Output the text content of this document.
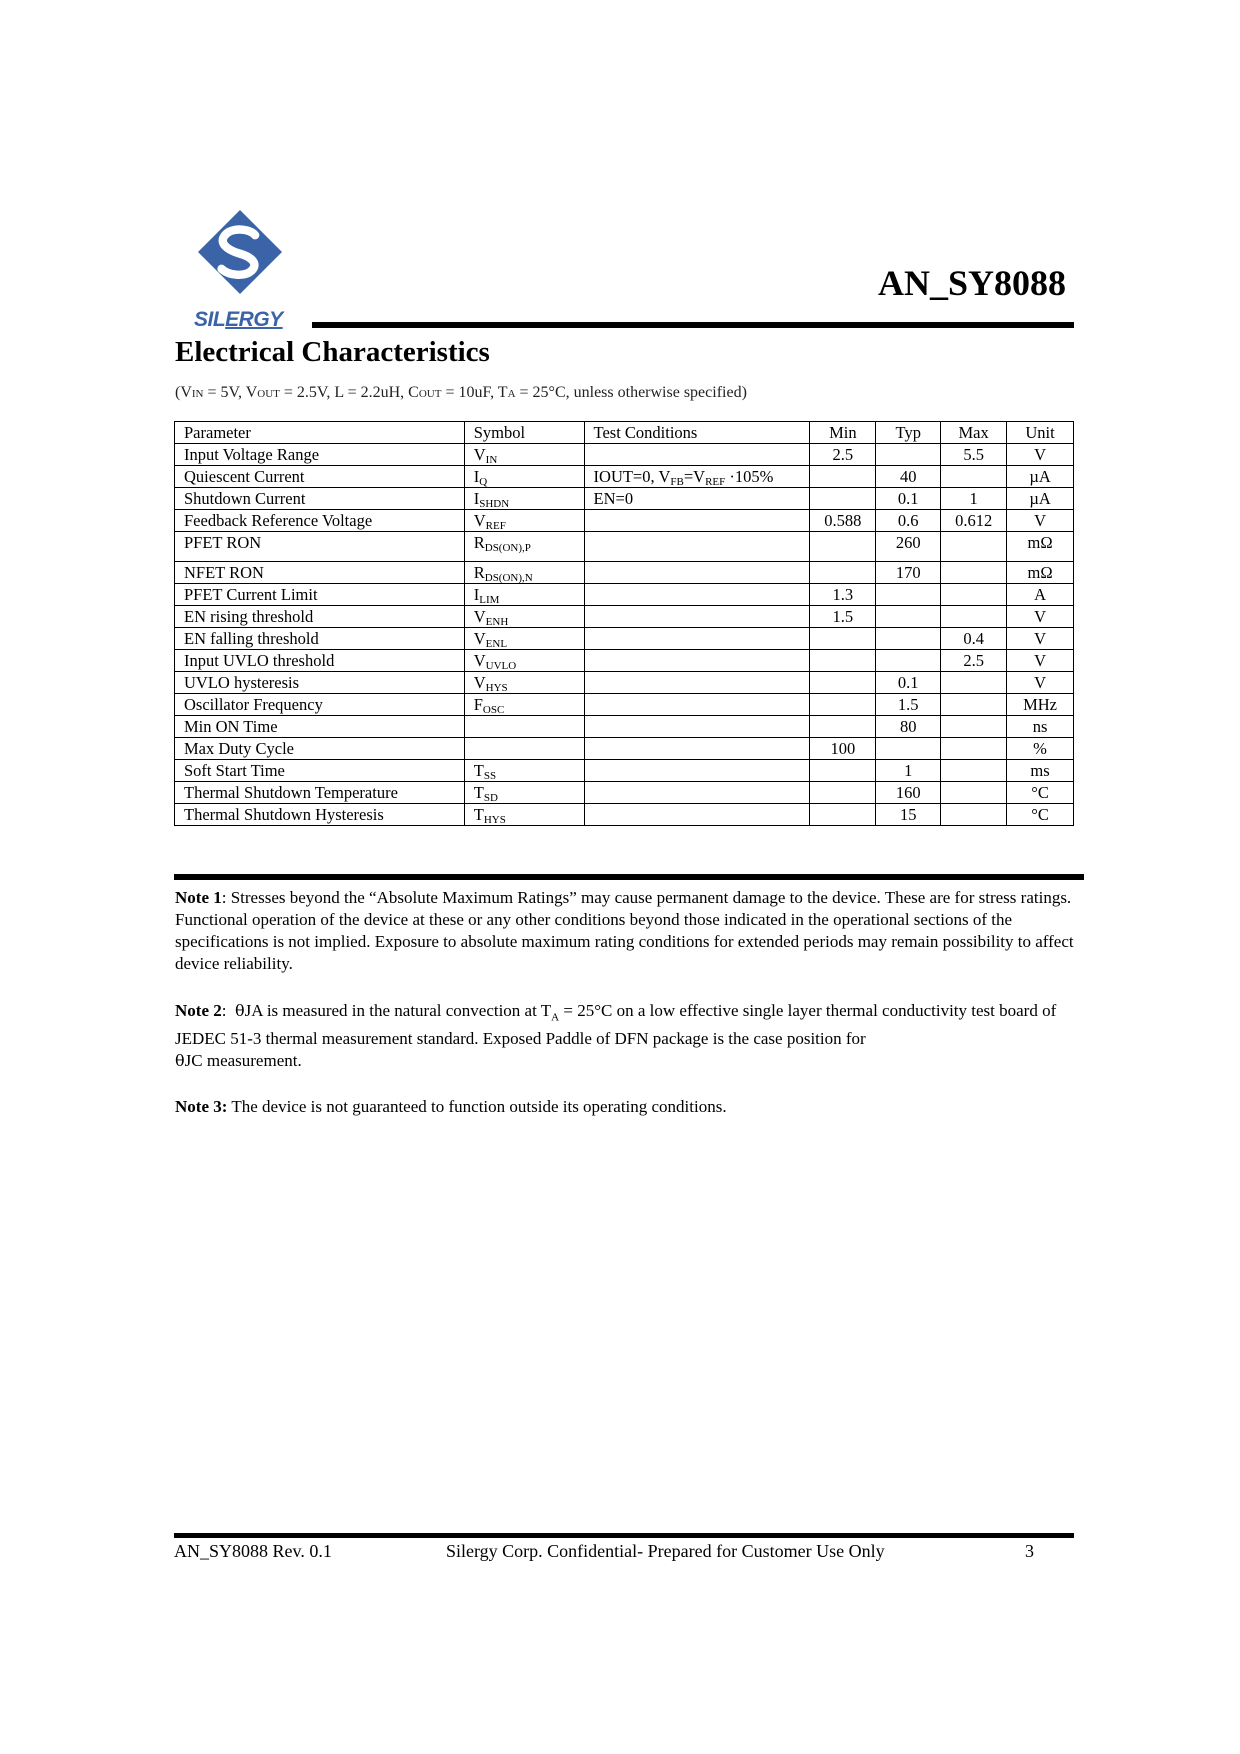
SILERGY
AN_SY8088
Electrical Characteristics
(VIN = 5V, VOUT = 2.5V, L = 2.2uH, COUT = 10uF, TA = 25°C, unless otherwise specified)
Parameter	Symbol	Test Conditions	Min	Typ	Max	Unit
Input Voltage Range	$V_{IN}$		2.5		5.5	V
Quiescent Current	$I_Q$	IOUT=0, $V_{FB}=V_{REF} \cdot 105\%$		40		µA
Shutdown Current	$I_{SHDN}$	EN=0		0.1	1	µA
Feedback Reference Voltage	$V_{REF}$		0.588	0.6	0.612	V
PFET RON	$R_{DS(ON),P}$			260		mΩ
NFET RON	$R_{DS(ON),N}$			170		mΩ
PFET Current Limit	$I_{LIM}$		1.3			A
EN rising threshold	$V_{ENH}$		1.5			V
EN falling threshold	$V_{ENL}$				0.4	V
Input UVLO threshold	$V_{UVLO}$				2.5	V
UVLO hysteresis	$V_{HYS}$			0.1		V
Oscillator Frequency	$F_{OSC}$			1.5		MHz
Min ON Time				80		ns
Max Duty Cycle			100			%
Soft Start Time	$T_{SS}$			1		ms
Thermal Shutdown Temperature	$T_{SD}$			160		°C
Thermal Shutdown Hysteresis	$T_{HYS}$			15		°C
Note 1: Stresses beyond the “Absolute Maximum Ratings” may cause permanent damage to the device. These are for stress ratings. Functional operation of the device at these or any other conditions beyond those indicated in the operational sections of the specifications is not implied. Exposure to absolute maximum rating conditions for extended periods may remain possibility to affect device reliability.
Note 2:  θJA is measured in the natural convection at $T_A = 25^\circ C$ on a low effective single layer thermal conductivity test board of JEDEC 51-3 thermal measurement standard. Exposed Paddle of DFN package is the case position for
θJC measurement.
Note 3: The device is not guaranteed to function outside its operating conditions.
AN_SY8088 Rev. 0.1	Silergy Corp. Confidential- Prepared for Customer Use Only	3
